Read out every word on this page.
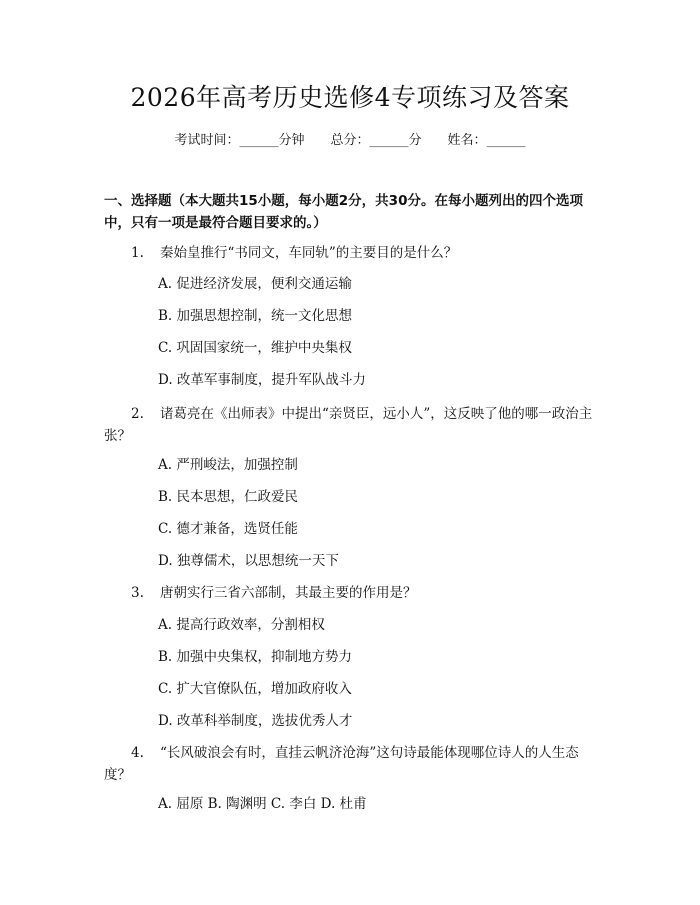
2026年高考历史选修4专项练习及答案
考试时间：______分钟 总分：______分 姓名：______
一、选择题（本大题共15小题，每小题2分，共30分。在每小题列出的四个选项中，只有一项是最符合题目要求的。）
1. 秦始皇推行“书同文，车同轨”的主要目的是什么？
A. 促进经济发展，便利交通运输
B. 加强思想控制，统一文化思想
C. 巩固国家统一，维护中央集权
D. 改革军事制度，提升军队战斗力
2. 诸葛亮在《出师表》中提出“亲贤臣，远小人”，这反映了他的哪一政治主张？
A. 严刑峻法，加强控制
B. 民本思想，仁政爱民
C. 德才兼备，选贤任能
D. 独尊儒术，以思想统一天下
3. 唐朝实行三省六部制，其最主要的作用是？
A. 提高行政效率，分割相权
B. 加强中央集权，抑制地方势力
C. 扩大官僚队伍，增加政府收入
D. 改革科举制度，选拔优秀人才
4. “长风破浪会有时，直挂云帆济沧海”这句诗最能体现哪位诗人的人生态度？
A. 屈原 B. 陶渊明 C. 李白 D. 杜甫
